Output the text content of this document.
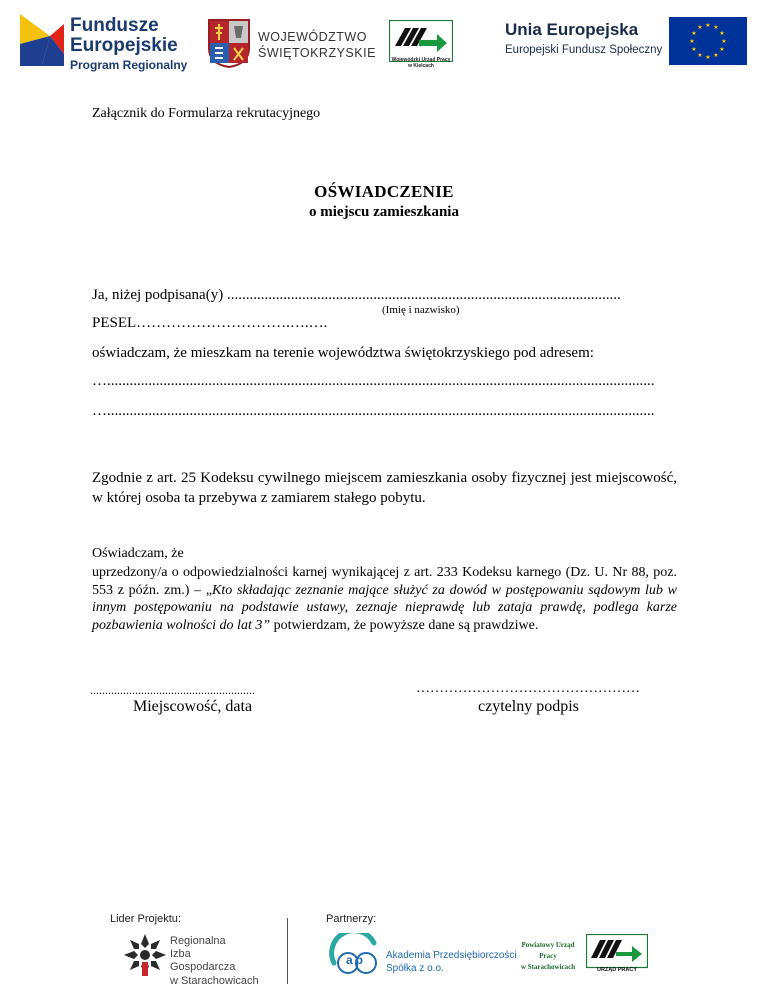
Fundusze
Europejskie
Program Regionalny
WOJEWÓDZTWO
ŚWIĘTOKRZYSKIE
Wojewódzki Urząd Pracy
w Kielcach
Unia Europejska
Europejski Fundusz Społeczny
★ ★
★
★
★
★
★
★
★
★
★
★
Załącznik do Formularza rekrutacyjnego
OŚWIADCZENIE
o miejscu zamieszkania
Ja, niżej podpisana(y) .........................................................................................................
(Imię i nazwisko)
PESEL………………………….….….
oświadczam, że mieszkam na terenie województwa świętokrzyskiego pod adresem:
…..................................................................................................................................................
…..................................................................................................................................................
Zgodnie z art. 25 Kodeksu cywilnego miejscem zamieszkania osoby fizycznej jest miejscowość, w której osoba ta przebywa z zamiarem stałego pobytu.
Oświadczam, że
uprzedzony/a o odpowiedzialności karnej wynikającej z art. 233 Kodeksu karnego (Dz. U. Nr 88, poz. 553 z późn. zm.) – „Kto składając zeznanie mające służyć za dowód w postępowaniu sądowym lub w innym postępowaniu na podstawie ustawy, zeznaje nieprawdę lub zataja prawdę, podlega karze pozbawienia wolności do lat 3” potwierdzam, że powyższe dane są prawdziwe.
.......................................................
Miejscowość, data
…………………………………………
czytelny podpis
Lider Projektu:
Regionalna
Izba
Gospodarcza
w Starachowicach
Partnerzy:
ap	Akademia Przedsiębiorczości
Spółka z o.o.
Powiatowy Urząd Pracy
w Starachowicach	URZĄD PRACY
